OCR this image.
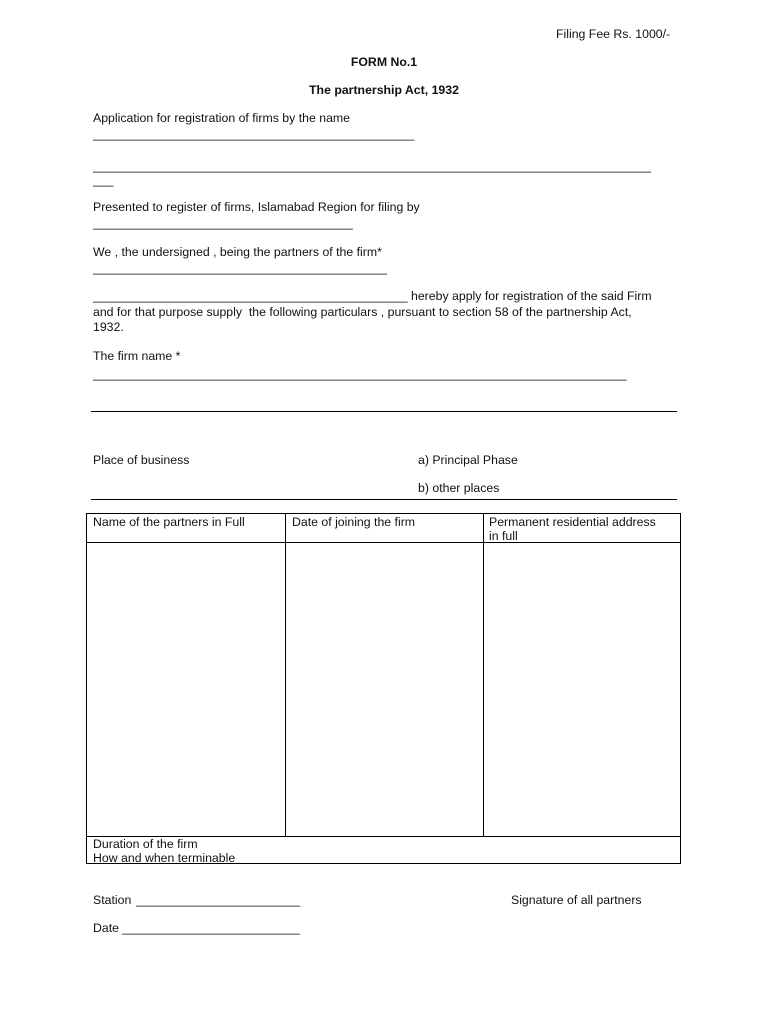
Filing Fee Rs. 1000/-

FORM No.1

The partnership Act, 1932

Application for registration of firms by the name

_______________________________________________

___________________________________________________________________________________

___

Presented to register of firms, Islamabad Region for filing by

______________________________________

We , the undersigned , being the partners of the firm*

___________________________________________

______________________________________________ hereby apply for registration of the said Firm

and for that purpose supply  the following particulars , pursuant to section 58 of the partnership Act,

1932.

The firm name *

______________________________________________________________________________

Place of business	a) Principal Phase

b) other places

Name of the partners in Full	Date of joining the firm	Permanent residential address
in full
Duration of the firm
How and when terminable

Station ________________________	Signature of all partners

Date __________________________
